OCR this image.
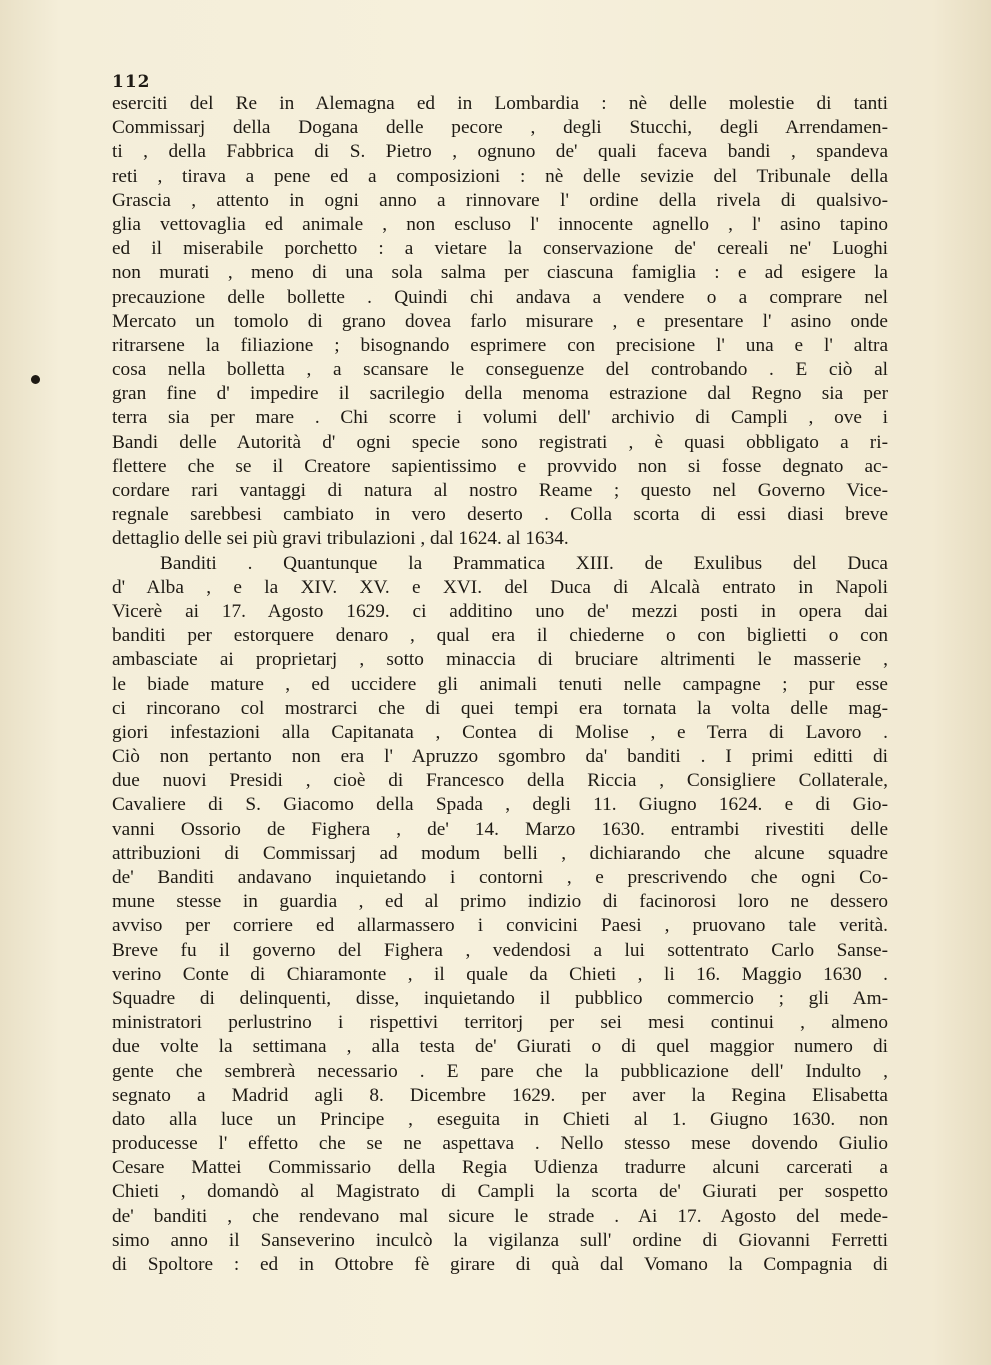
112
eserciti del Re in Alemagna ed in Lombardia : nè delle molestie di tanti
Commissarj della Dogana delle pecore , degli Stucchi, degli Arrendamen-
ti , della Fabbrica di S. Pietro , ognuno de' quali faceva bandi , spandeva
reti , tirava a pene ed a composizioni : nè delle sevizie del Tribunale della
Grascia , attento in ogni anno a rinnovare l' ordine della rivela di qualsivo-
glia vettovaglia ed animale , non escluso l' innocente agnello , l' asino tapino
ed il miserabile porchetto : a vietare la conservazione de' cereali ne' Luoghi
non murati , meno di una sola salma per ciascuna famiglia : e ad esigere la
precauzione delle bollette . Quindi chi andava a vendere o a comprare nel
Mercato un tomolo di grano dovea farlo misurare , e presentare l' asino onde
ritrarsene la filiazione ; bisognando esprimere con precisione l' una e l' altra
cosa nella bolletta , a scansare le conseguenze del controbando . E ciò al
gran fine d' impedire il sacrilegio della menoma estrazione dal Regno sia per
terra sia per mare . Chi scorre i volumi dell' archivio di Campli , ove i
Bandi delle Autorità d' ogni specie sono registrati , è quasi obbligato a ri-
flettere che se il Creatore sapientissimo e provvido non si fosse degnato ac-
cordare rari vantaggi di natura al nostro Reame ; questo nel Governo Vice-
regnale sarebbesi cambiato in vero deserto . Colla scorta di essi diasi breve
dettaglio delle sei più gravi tribulazioni , dal 1624. al 1634.
Banditi . Quantunque la Prammatica XIII. de Exulibus del Duca
d' Alba , e la XIV. XV. e XVI. del Duca di Alcalà entrato in Napoli
Vicerè ai 17. Agosto 1629. ci additino uno de' mezzi posti in opera dai
banditi per estorquere denaro , qual era il chiederne o con biglietti o con
ambasciate ai proprietarj , sotto minaccia di bruciare altrimenti le masserie ,
le biade mature , ed uccidere gli animali tenuti nelle campagne ; pur esse
ci rincorano col mostrarci che di quei tempi era tornata la volta delle mag-
giori infestazioni alla Capitanata , Contea di Molise , e Terra di Lavoro .
Ciò non pertanto non era l' Apruzzo sgombro da' banditi . I primi editti di
due nuovi Presidi , cioè di Francesco della Riccia , Consigliere Collaterale,
Cavaliere di S. Giacomo della Spada , degli 11. Giugno 1624. e di Gio-
vanni Ossorio de Fighera , de' 14. Marzo 1630. entrambi rivestiti delle
attribuzioni di Commissarj ad modum belli , dichiarando che alcune squadre
de' Banditi andavano inquietando i contorni , e prescrivendo che ogni Co-
mune stesse in guardia , ed al primo indizio di facinorosi loro ne dessero
avviso per corriere ed allarmassero i convicini Paesi , pruovano tale verità.
Breve fu il governo del Fighera , vedendosi a lui sottentrato Carlo Sanse-
verino Conte di Chiaramonte , il quale da Chieti , li 16. Maggio 1630 .
Squadre di delinquenti, disse, inquietando il pubblico commercio ; gli Am-
ministratori perlustrino i rispettivi territorj per sei mesi continui , almeno
due volte la settimana , alla testa de' Giurati o di quel maggior numero di
gente che sembrerà necessario . E pare che la pubblicazione dell' Indulto ,
segnato a Madrid agli 8. Dicembre 1629. per aver la Regina Elisabetta
dato alla luce un Principe , eseguita in Chieti al 1. Giugno 1630. non
producesse l' effetto che se ne aspettava . Nello stesso mese dovendo Giulio
Cesare Mattei Commissario della Regia Udienza tradurre alcuni carcerati a
Chieti , domandò al Magistrato di Campli la scorta de' Giurati per sospetto
de' banditi , che rendevano mal sicure le strade . Ai 17. Agosto del mede-
simo anno il Sanseverino inculcò la vigilanza sull' ordine di Giovanni Ferretti
di Spoltore : ed in Ottobre fè girare di quà dal Vomano la Compagnia di
